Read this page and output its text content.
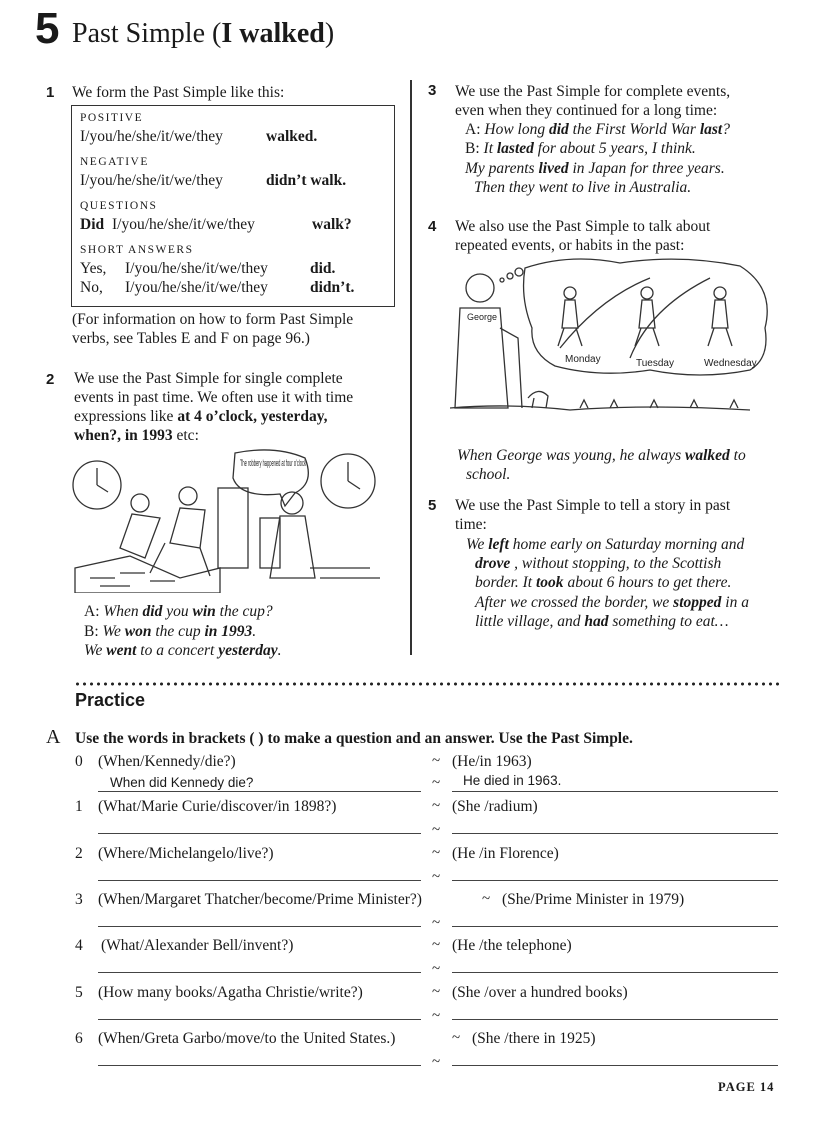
5 Past Simple (I walked)
1 We form the Past Simple like this:
POSITIVE
I/you/he/she/it/we/they	walked.
NEGATIVE
I/you/he/she/it/we/they	didn’t walk.
QUESTIONS
Did I/you/he/she/it/we/they	walk?
SHORT ANSWERS
Yes, I/you/he/she/it/we/they	did.
No, I/you/he/she/it/we/they	didn’t.
(For information on how to form Past Simple
verbs, see Tables E and F on page 96.)
2 We use the Past Simple for single complete
events in past time. We often use it with time
expressions like at 4 o’clock, yesterday,
when?, in 1993 etc:
The robbery happened at four o’clock
A: When did you win the cup?
B: We won the cup in 1993.
We went to a concert yesterday.
3 We use the Past Simple for complete events,
even when they continued for a long time:
A: How long did the First World War last?
B: It lasted for about 5 years, I think.
My parents lived in Japan for three years.
Then they went to live in Australia.
4 We also use the Past Simple to talk about
repeated events, or habits in the past:
George
Monday	Tuesday	Wednesday
When George was young, he always walked to
school.
5 We use the Past Simple to tell a story in past
time:
We left home early on Saturday morning and
drove , without stopping, to the Scottish
border. It took about 6 hours to get there.
After we crossed the border, we stopped in a
little village, and had something to eat…
Practice
A Use the words in brackets ( ) to make a question and an answer. Use the Past Simple.
0 (When/Kennedy/die?)	~ (He/in 1963)
When did Kennedy die?	~ He died in 1963.
1 (What/Marie Curie/discover/in 1898?)	~ (She /radium)
~
2 (Where/Michelangelo/live?)	~ (He /in Florence)
~
3 (When/Margaret Thatcher/become/Prime Minister?)	~ (She/Prime Minister in 1979)
~
4 (What/Alexander Bell/invent?)	~ (He /the telephone)
~
5 (How many books/Agatha Christie/write?)	~ (She /over a hundred books)
~
6 (When/Greta Garbo/move/to the United States.)	~ (She /there in 1925)
~
PAGE 14
